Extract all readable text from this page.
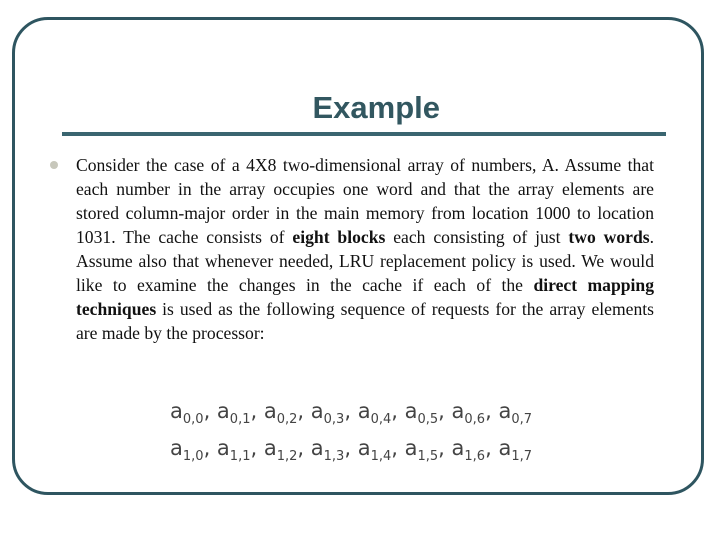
Example

Consider the case of a 4X8 two-dimensional array of numbers, A. Assume that each number in the array occupies one word and that the array elements are stored column-major order in the main memory from location 1000 to location 1031. The cache consists of eight blocks each consisting of just two words. Assume also that whenever needed, LRU replacement policy is used. We would like to examine the changes in the cache if each of the direct mapping techniques is used as the following sequence of requests for the array elements are made by the processor:

$a_{0,0}$, $a_{0,1}$, $a_{0,2}$, $a_{0,3}$, $a_{0,4}$, $a_{0,5}$, $a_{0,6}$, $a_{0,7}$
$a_{1,0}$, $a_{1,1}$, $a_{1,2}$, $a_{1,3}$, $a_{1,4}$, $a_{1,5}$, $a_{1,6}$, $a_{1,7}$
